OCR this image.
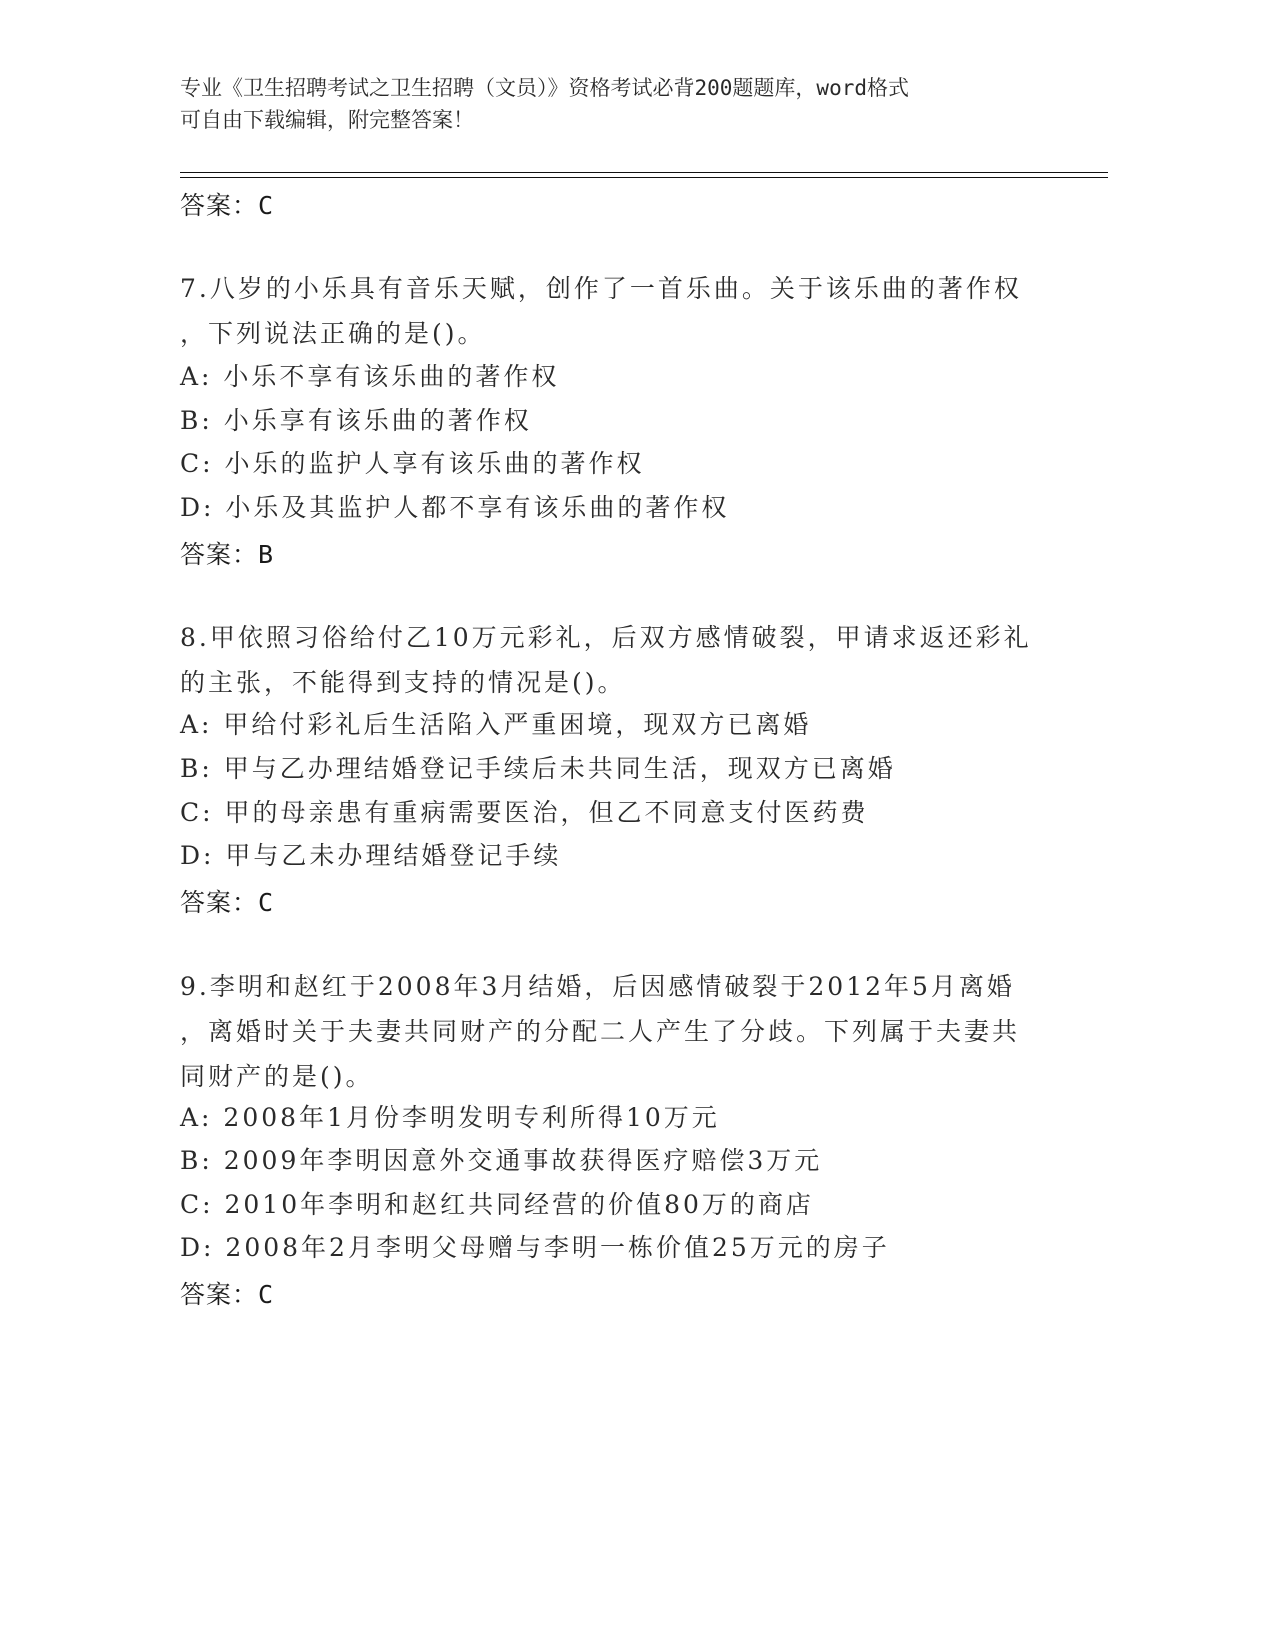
专业《卫生招聘考试之卫生招聘（文员）》资格考试必背200题题库，word格式
可自由下载编辑，附完整答案！
答案：C
7.八岁的小乐具有音乐天赋，创作了一首乐曲。关于该乐曲的著作权
，下列说法正确的是()。
A: 小乐不享有该乐曲的著作权
B: 小乐享有该乐曲的著作权
C: 小乐的监护人享有该乐曲的著作权
D: 小乐及其监护人都不享有该乐曲的著作权
答案：B
8.甲依照习俗给付乙10万元彩礼，后双方感情破裂，甲请求返还彩礼
的主张，不能得到支持的情况是()。
A: 甲给付彩礼后生活陷入严重困境，现双方已离婚
B: 甲与乙办理结婚登记手续后未共同生活，现双方已离婚
C: 甲的母亲患有重病需要医治，但乙不同意支付医药费
D: 甲与乙未办理结婚登记手续
答案：C
9.李明和赵红于2008年3月结婚，后因感情破裂于2012年5月离婚
，离婚时关于夫妻共同财产的分配二人产生了分歧。下列属于夫妻共
同财产的是()。
A: 2008年1月份李明发明专利所得10万元
B: 2009年李明因意外交通事故获得医疗赔偿3万元
C: 2010年李明和赵红共同经营的价值80万的商店
D: 2008年2月李明父母赠与李明一栋价值25万元的房子
答案：C
